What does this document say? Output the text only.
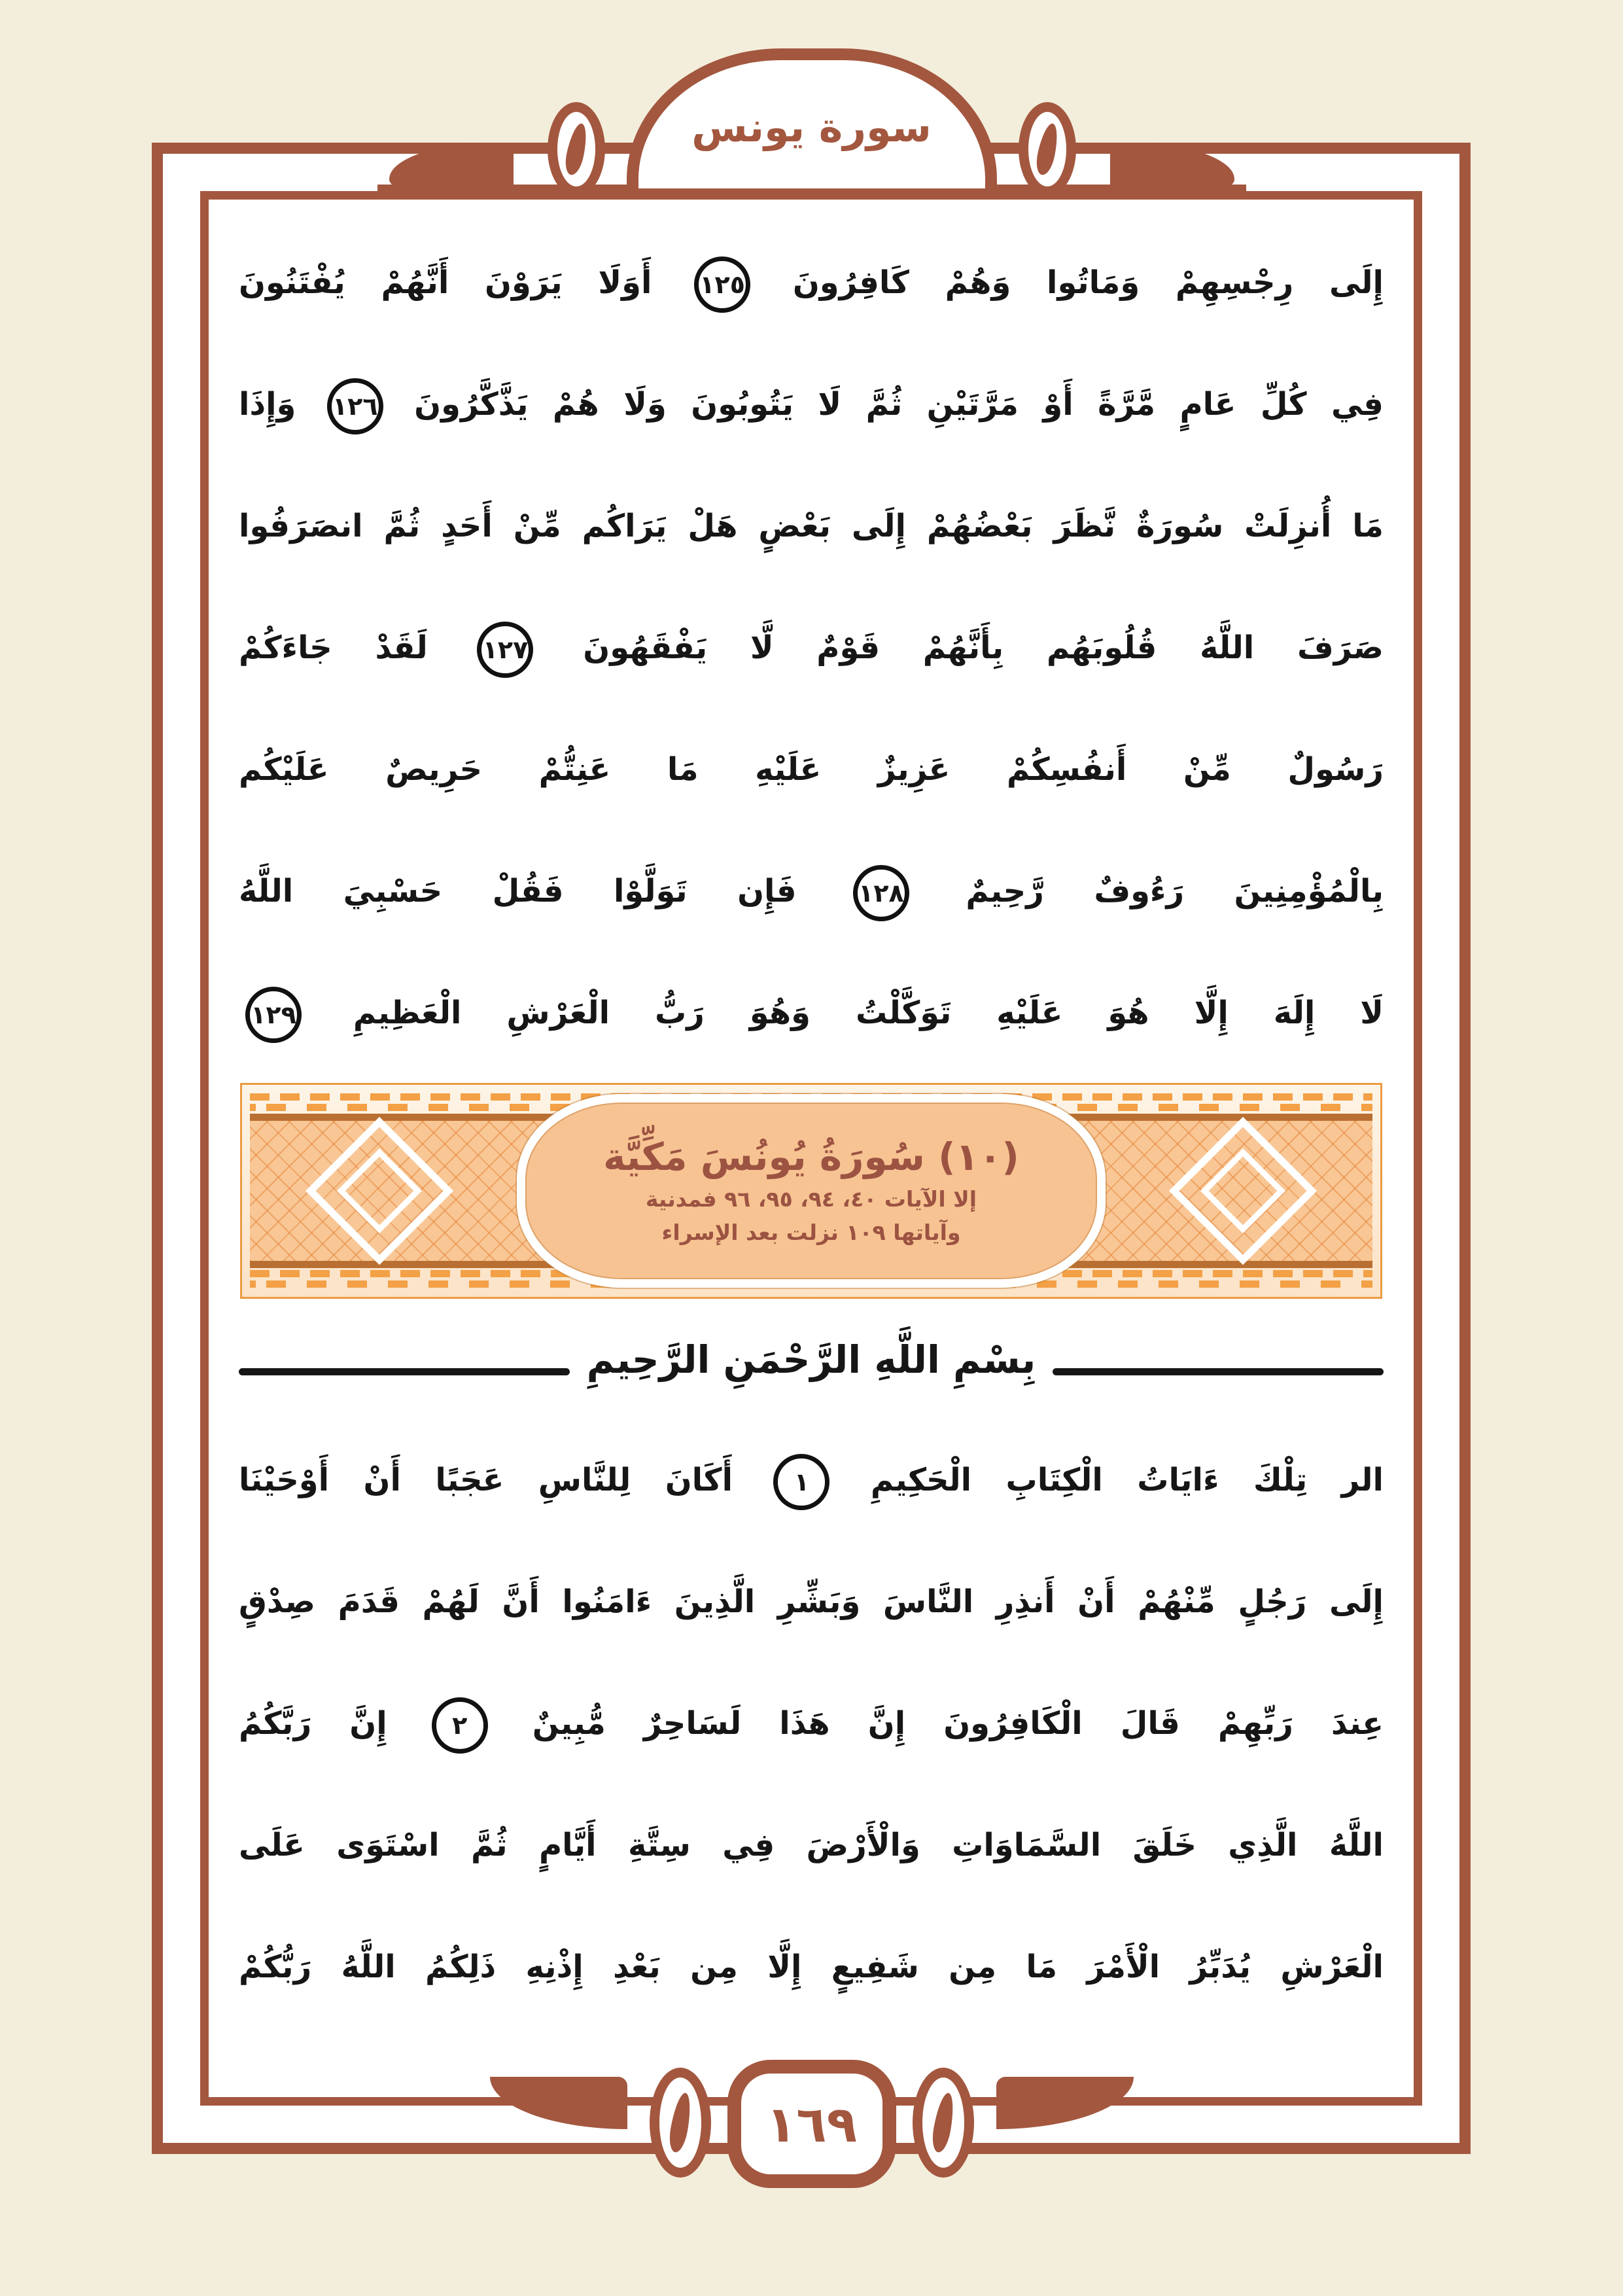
إِلَى رِجْسِهِمْ وَمَاتُوا وَهُمْ كَافِرُونَ ١٢٥ أَوَلَا يَرَوْنَ أَنَّهُمْ يُفْتَنُونَ
فِي كُلِّ عَامٍ مَّرَّةً أَوْ مَرَّتَيْنِ ثُمَّ لَا يَتُوبُونَ وَلَا هُمْ يَذَّكَّرُونَ ١٢٦ وَإِذَا
مَا أُنزِلَتْ سُورَةٌ نَّظَرَ بَعْضُهُمْ إِلَى بَعْضٍ هَلْ يَرَاكُم مِّنْ أَحَدٍ ثُمَّ انصَرَفُوا
صَرَفَ اللَّهُ قُلُوبَهُم بِأَنَّهُمْ قَوْمٌ لَّا يَفْقَهُونَ ١٢٧ لَقَدْ جَاءَكُمْ
رَسُولٌ مِّنْ أَنفُسِكُمْ عَزِيزٌ عَلَيْهِ مَا عَنِتُّمْ حَرِيصٌ عَلَيْكُم
بِالْمُؤْمِنِينَ رَءُوفٌ رَّحِيمٌ ١٢٨ فَإِن تَوَلَّوْا فَقُلْ حَسْبِيَ اللَّهُ
لَا إِلَهَ إِلَّا هُوَ عَلَيْهِ تَوَكَّلْتُ وَهُوَ رَبُّ الْعَرْشِ الْعَظِيمِ ١٢٩
(١٠) سُورَةُ يُونُسَ مَكِّيَّة
إلا الآيات ٤٠، ٩٤، ٩٥، ٩٦ فمدنية
وآياتها ١٠٩ نزلت بعد الإسراء
بِسْمِ اللَّهِ الرَّحْمَنِ الرَّحِيمِ
الر تِلْكَ ءَايَاتُ الْكِتَابِ الْحَكِيمِ ١ أَكَانَ لِلنَّاسِ عَجَبًا أَنْ أَوْحَيْنَا
إِلَى رَجُلٍ مِّنْهُمْ أَنْ أَنذِرِ النَّاسَ وَبَشِّرِ الَّذِينَ ءَامَنُوا أَنَّ لَهُمْ قَدَمَ صِدْقٍ
عِندَ رَبِّهِمْ قَالَ الْكَافِرُونَ إِنَّ هَذَا لَسَاحِرٌ مُّبِينٌ ٢ إِنَّ رَبَّكُمُ
اللَّهُ الَّذِي خَلَقَ السَّمَاوَاتِ وَالْأَرْضَ فِي سِتَّةِ أَيَّامٍ ثُمَّ اسْتَوَى عَلَى
الْعَرْشِ يُدَبِّرُ الْأَمْرَ مَا مِن شَفِيعٍ إِلَّا مِن بَعْدِ إِذْنِهِ ذَلِكُمُ اللَّهُ رَبُّكُمْ
سورة يونس
١٦٩
